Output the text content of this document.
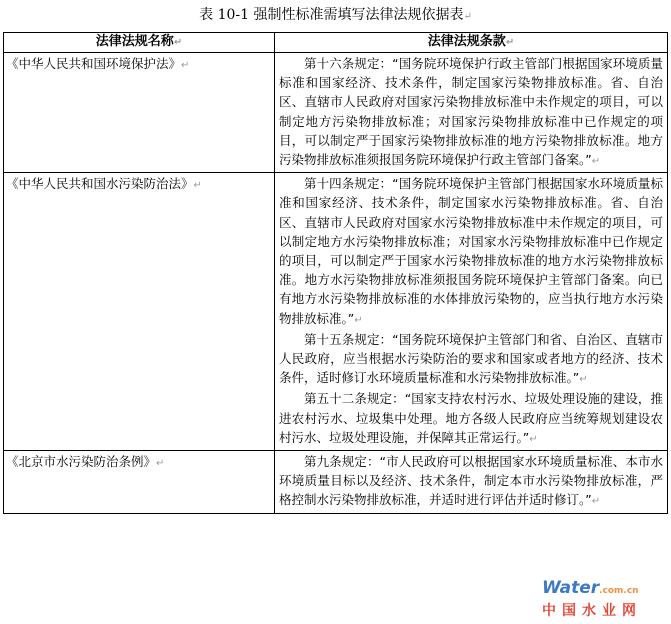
表 10-1 强制性标准需填写法律法规依据表↵
法律法规名称↵	法律法规条款↵
《中华人民共和国环境保护法》↵	第十六条规定：“国务院环境保护行政主管部门根据国家环境质量标准和国家经济、技术条件，制定国家污染物排放标准。省、自治区、直辖市人民政府对国家污染物排放标准中未作规定的项目，可以制定地方污染物排放标准；对国家污染物排放标准中已作规定的项目，可以制定严于国家污染物排放标准的地方污染物排放标准。地方污染物排放标准须报国务院环境保护行政主管部门备案。”↵

《中华人民共和国水污染防治法》↵	第十四条规定：“国务院环境保护主管部门根据国家水环境质量标准和国家经济、技术条件，制定国家水污染物排放标准。省、自治区、直辖市人民政府对国家水污染物排放标准中未作规定的项目，可以制定地方水污染物排放标准；对国家水污染物排放标准中已作规定的项目，可以制定严于国家水污染物排放标准的地方水污染物排放标准。地方水污染物排放标准须报国务院环境保护主管部门备案。向已有地方水污染物排放标准的水体排放污染物的，应当执行地方水污染物排放标准。”↵

第十五条规定：“国务院环境保护主管部门和省、自治区、直辖市人民政府，应当根据水污染防治的要求和国家或者地方的经济、技术条件，适时修订水环境质量标准和水污染物排放标准。”↵

第五十二条规定：“国家支持农村污水、垃圾处理设施的建设，推进农村污水、垃圾集中处理。地方各级人民政府应当统筹规划建设农村污水、垃圾处理设施，并保障其正常运行。”↵

《北京市水污染防治条例》↵	第九条规定：“市人民政府可以根据国家水环境质量标准、本市水环境质量目标以及经济、技术条件，制定本市水污染物排放标准，严格控制水污染物排放标准，并适时进行评估并适时修订。”↵

Water.com.cn
中国水业网
